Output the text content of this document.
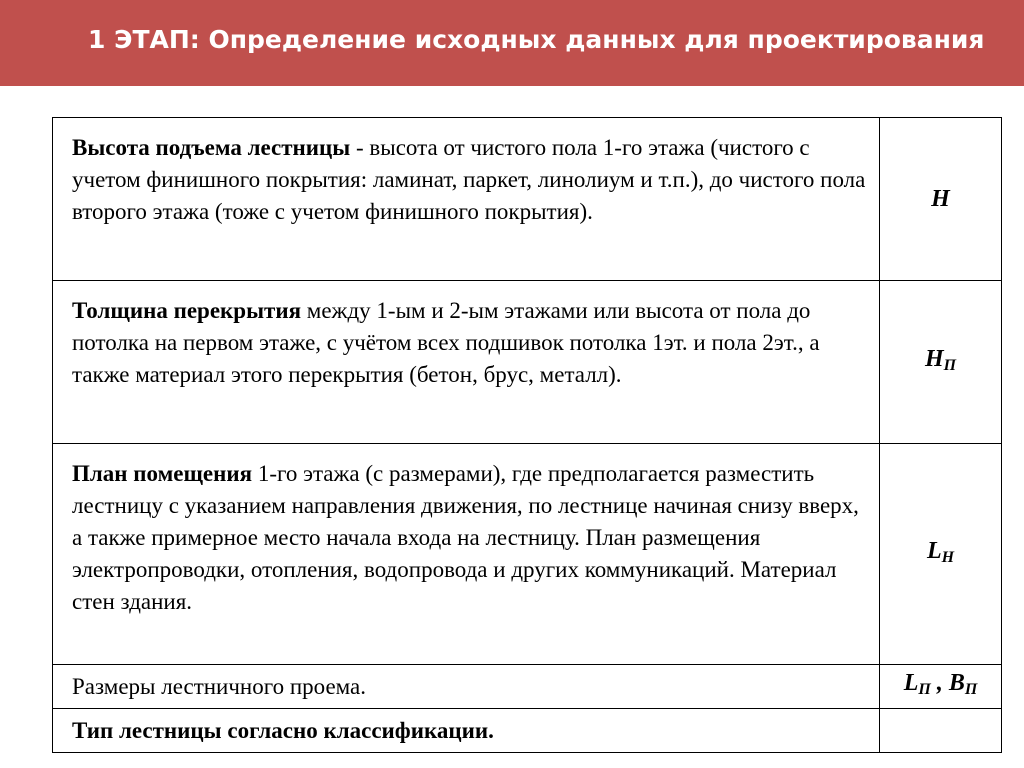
1 ЭТАП: Определение исходных данных для проектирования
Высота подъема лестницы - высота от чистого пола 1-го этажа (чистого с учетом финишного покрытия: ламинат, паркет, линолиум и т.п.), до чистого пола второго этажа (тоже с учетом финишного покрытия).	H
Толщина перекрытия между 1-ым и 2-ым этажами или высота от пола до потолка на первом этаже, с учётом всех подшивок потолка 1эт. и пола 2эт., а также материал этого перекрытия (бетон, брус, металл).	$H_П$
План помещения 1-го этажа (с размерами), где предполагается разместить лестницу с указанием направления движения, по лестнице начиная снизу вверх, а также примерное место начала входа на лестницу. План размещения электропроводки, отопления, водопровода и других коммуникаций. Материал стен здания.	$L_H$
Размеры лестничного проема.	$L_П$ , $B_П$
Тип лестницы согласно классификации.	
